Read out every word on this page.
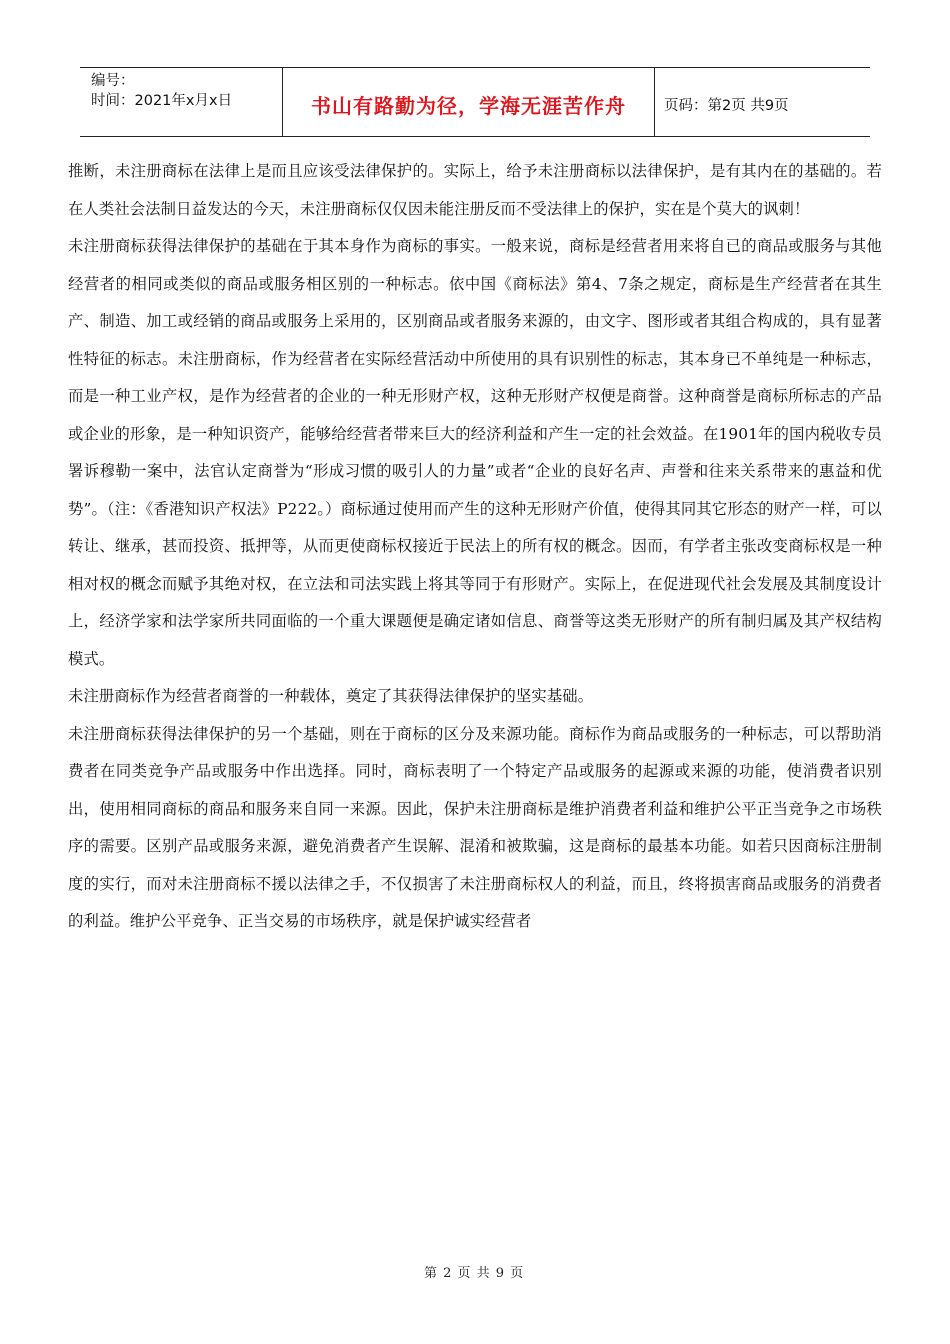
编号：
时间：2021年x月x日	书山有路勤为径，学海无涯苦作舟	页码：第2页 共9页

推断，未注册商标在法律上是而且应该受法律保护的。实际上，给予未注册商标以法律保护，是有其内在的基础的。若在人类社会法制日益发达的今天，未注册商标仅仅因未能注册反而不受法律上的保护，实在是个莫大的讽刺！

未注册商标获得法律保护的基础在于其本身作为商标的事实。一般来说，商标是经营者用来将自已的商品或服务与其他经营者的相同或类似的商品或服务相区别的一种标志。依中国《商标法》第4、7条之规定，商标是生产经营者在其生产、制造、加工或经销的商品或服务上采用的，区别商品或者服务来源的，由文字、图形或者其组合构成的，具有显著性特征的标志。未注册商标，作为经营者在实际经营活动中所使用的具有识别性的标志，其本身已不单纯是一种标志，而是一种工业产权，是作为经营者的企业的一种无形财产权，这种无形财产权便是商誉。这种商誉是商标所标志的产品或企业的形象，是一种知识资产，能够给经营者带来巨大的经济利益和产生一定的社会效益。在1901年的国内税收专员署诉穆勒一案中，法官认定商誉为“形成习惯的吸引人的力量”或者“企业的良好名声、声誉和往来关系带来的惠益和优势”。（注：《香港知识产权法》P222。）商标通过使用而产生的这种无形财产价值，使得其同其它形态的财产一样，可以转让、继承，甚而投资、抵押等，从而更使商标权接近于民法上的所有权的概念。因而，有学者主张改变商标权是一种相对权的概念而赋予其绝对权，在立法和司法实践上将其等同于有形财产。实际上，在促进现代社会发展及其制度设计上，经济学家和法学家所共同面临的一个重大课题便是确定诸如信息、商誉等这类无形财产的所有制归属及其产权结构模式。

未注册商标作为经营者商誉的一种载体，奠定了其获得法律保护的坚实基础。

未注册商标获得法律保护的另一个基础，则在于商标的区分及来源功能。商标作为商品或服务的一种标志，可以帮助消费者在同类竞争产品或服务中作出选择。同时，商标表明了一个特定产品或服务的起源或来源的功能，使消费者识别出，使用相同商标的商品和服务来自同一来源。因此，保护未注册商标是维护消费者利益和维护公平正当竞争之市场秩序的需要。区别产品或服务来源，避免消费者产生误解、混淆和被欺骗，这是商标的最基本功能。如若只因商标注册制度的实行，而对未注册商标不援以法律之手，不仅损害了未注册商标权人的利益，而且，终将损害商品或服务的消费者的利益。维护公平竞争、正当交易的市场秩序，就是保护诚实经营者

第 2 页 共 9 页
